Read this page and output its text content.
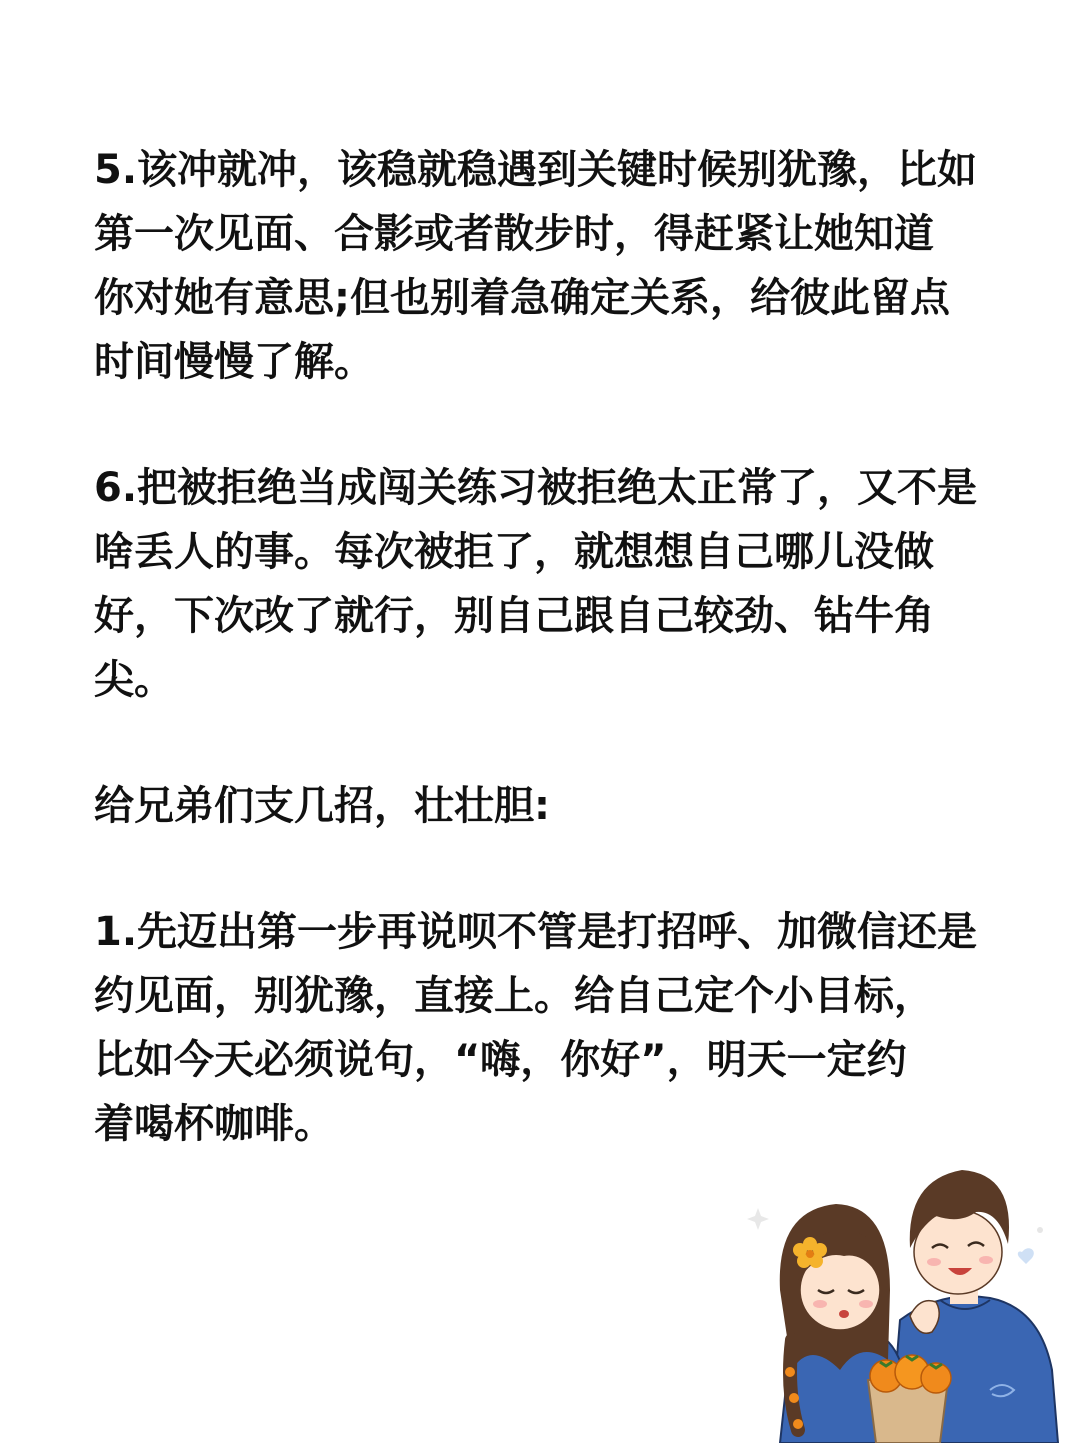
5.该冲就冲，该稳就稳遇到关键时候别犹豫，比如
第一次见面、合影或者散步时，得赶紧让她知道
你对她有意思;但也别着急确定关系，给彼此留点
时间慢慢了解。

6.把被拒绝当成闯关练习被拒绝太正常了，又不是
啥丢人的事。每次被拒了，就想想自己哪儿没做
好，下次改了就行，别自己跟自己较劲、钻牛角
尖。

给兄弟们支几招，壮壮胆:

1.先迈出第一步再说呗不管是打招呼、加微信还是
约见面，别犹豫，直接上。给自己定个小目标，
比如今天必须说句，“嗨，你好”，明天一定约
着喝杯咖啡。
